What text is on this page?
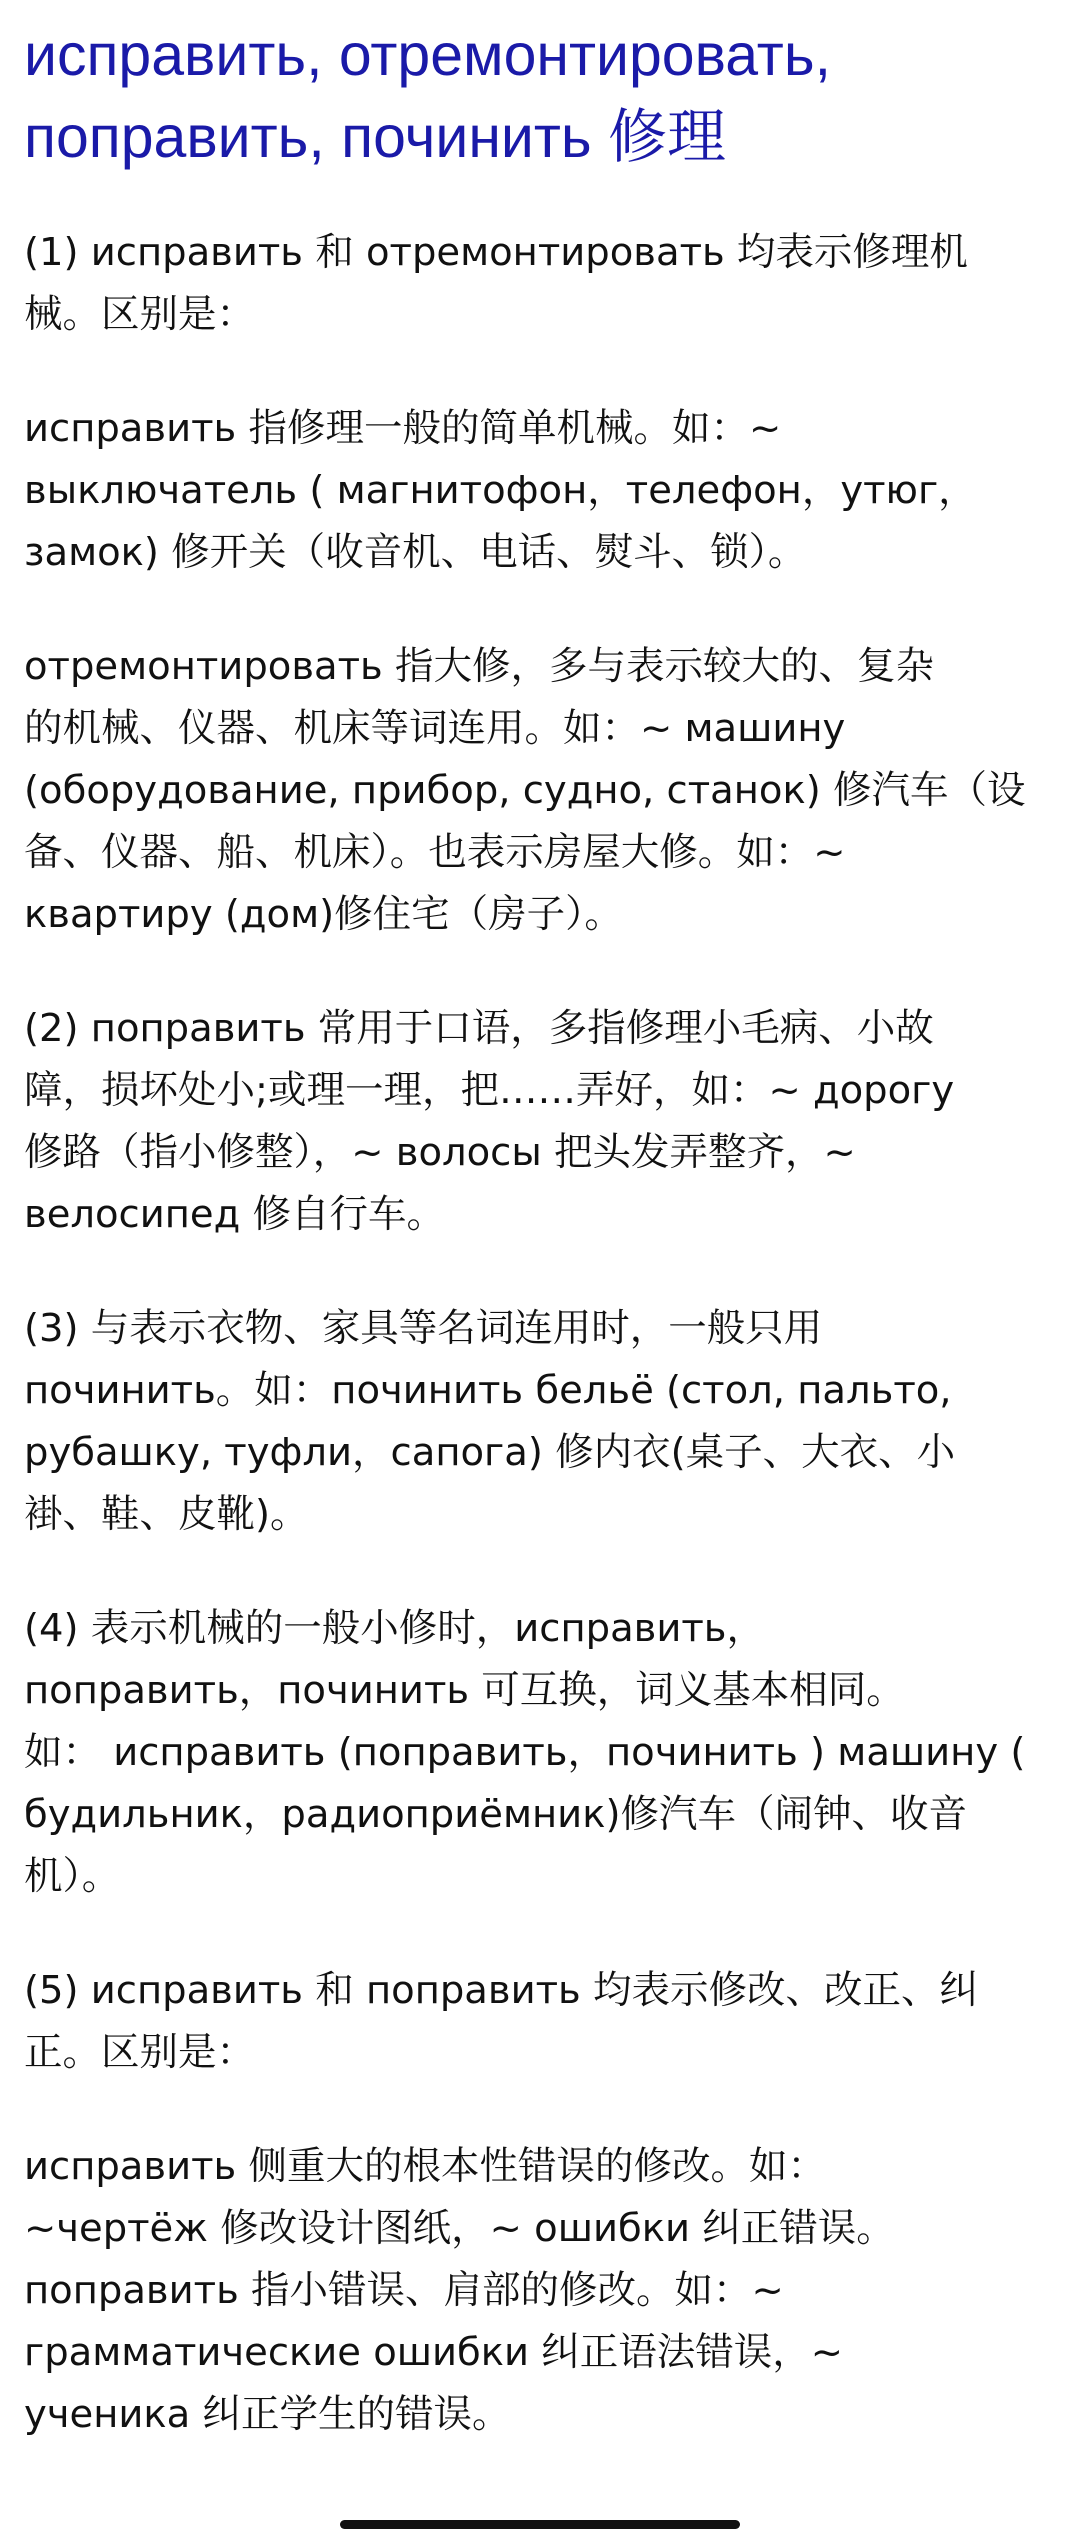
исправить, отремонтировать,
поправить, починить 修理

(1) исправить 和 отремонтировать 均表示修理机
械。区别是：

исправить 指修理一般的简单机械。如：~
выключатель ( магнитофон，телефон，утюг，
замок) 修开关（收音机、电话、熨斗、锁）。

отремонтировать 指大修，多与表示较大的、复杂
的机械、仪器、机床等词连用。如：~ машину
(оборудование, прибор, судно, станок) 修汽车（设
备、仪器、船、机床）。也表示房屋大修。如：~
квартиру (дом)修住宅（房子）。

(2) поправить 常用于口语，多指修理小毛病、小故
障，损坏处小;或理一理，把……弄好，如：~ дорогу
修路（指小修整），~ волосы 把头发弄整齐，~
велосипед 修自行车。

(3) 与表示衣物、家具等名词连用时，一般只用
починить。如：починить бельё (стол, пальто,
рубашку, туфли，сапога) 修内衣(桌子、大衣、小
褂、鞋、皮靴)。

(4) 表示机械的一般小修时，исправить，
поправить，починить 可互换，词义基本相同。
如： исправить (поправить，починить ) машину (
будильник，радиоприёмник)修汽车（闹钟、收音
机）。

(5) исправить 和 поправить 均表示修改、改正、纠
正。区别是：

исправить 侧重大的根本性错误的修改。如：
~чертёж 修改设计图纸，~ ошибки 纠正错误。
поправить 指小错误、肩部的修改。如：~
грамматические ошибки 纠正语法错误，~
ученика 纠正学生的错误。
